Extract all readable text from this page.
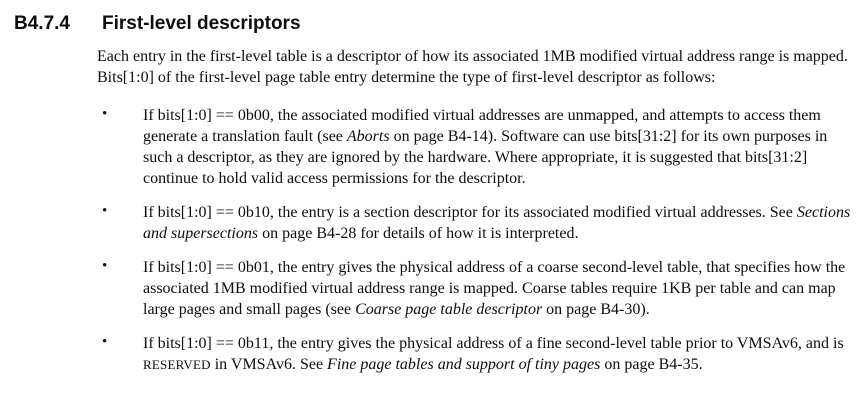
B4.7.4	First-level descriptors

Each entry in the first-level table is a descriptor of how its associated 1MB modified virtual address range is mapped. Bits[1:0] of the first-level page table entry determine the type of first-level descriptor as follows:

• If bits[1:0] == 0b00, the associated modified virtual addresses are unmapped, and attempts to access them generate a translation fault (see Aborts on page B4-14). Software can use bits[31:2] for its own purposes in such a descriptor, as they are ignored by the hardware. Where appropriate, it is suggested that bits[31:2] continue to hold valid access permissions for the descriptor.
• If bits[1:0] == 0b10, the entry is a section descriptor for its associated modified virtual addresses. See Sections and supersections on page B4-28 for details of how it is interpreted.
• If bits[1:0] == 0b01, the entry gives the physical address of a coarse second-level table, that specifies how the associated 1MB modified virtual address range is mapped. Coarse tables require 1KB per table and can map large pages and small pages (see Coarse page table descriptor on page B4-30).
• If bits[1:0] == 0b11, the entry gives the physical address of a fine second-level table prior to VMSAv6, and is RESERVED in VMSAv6. See Fine page tables and support of tiny pages on page B4-35.
